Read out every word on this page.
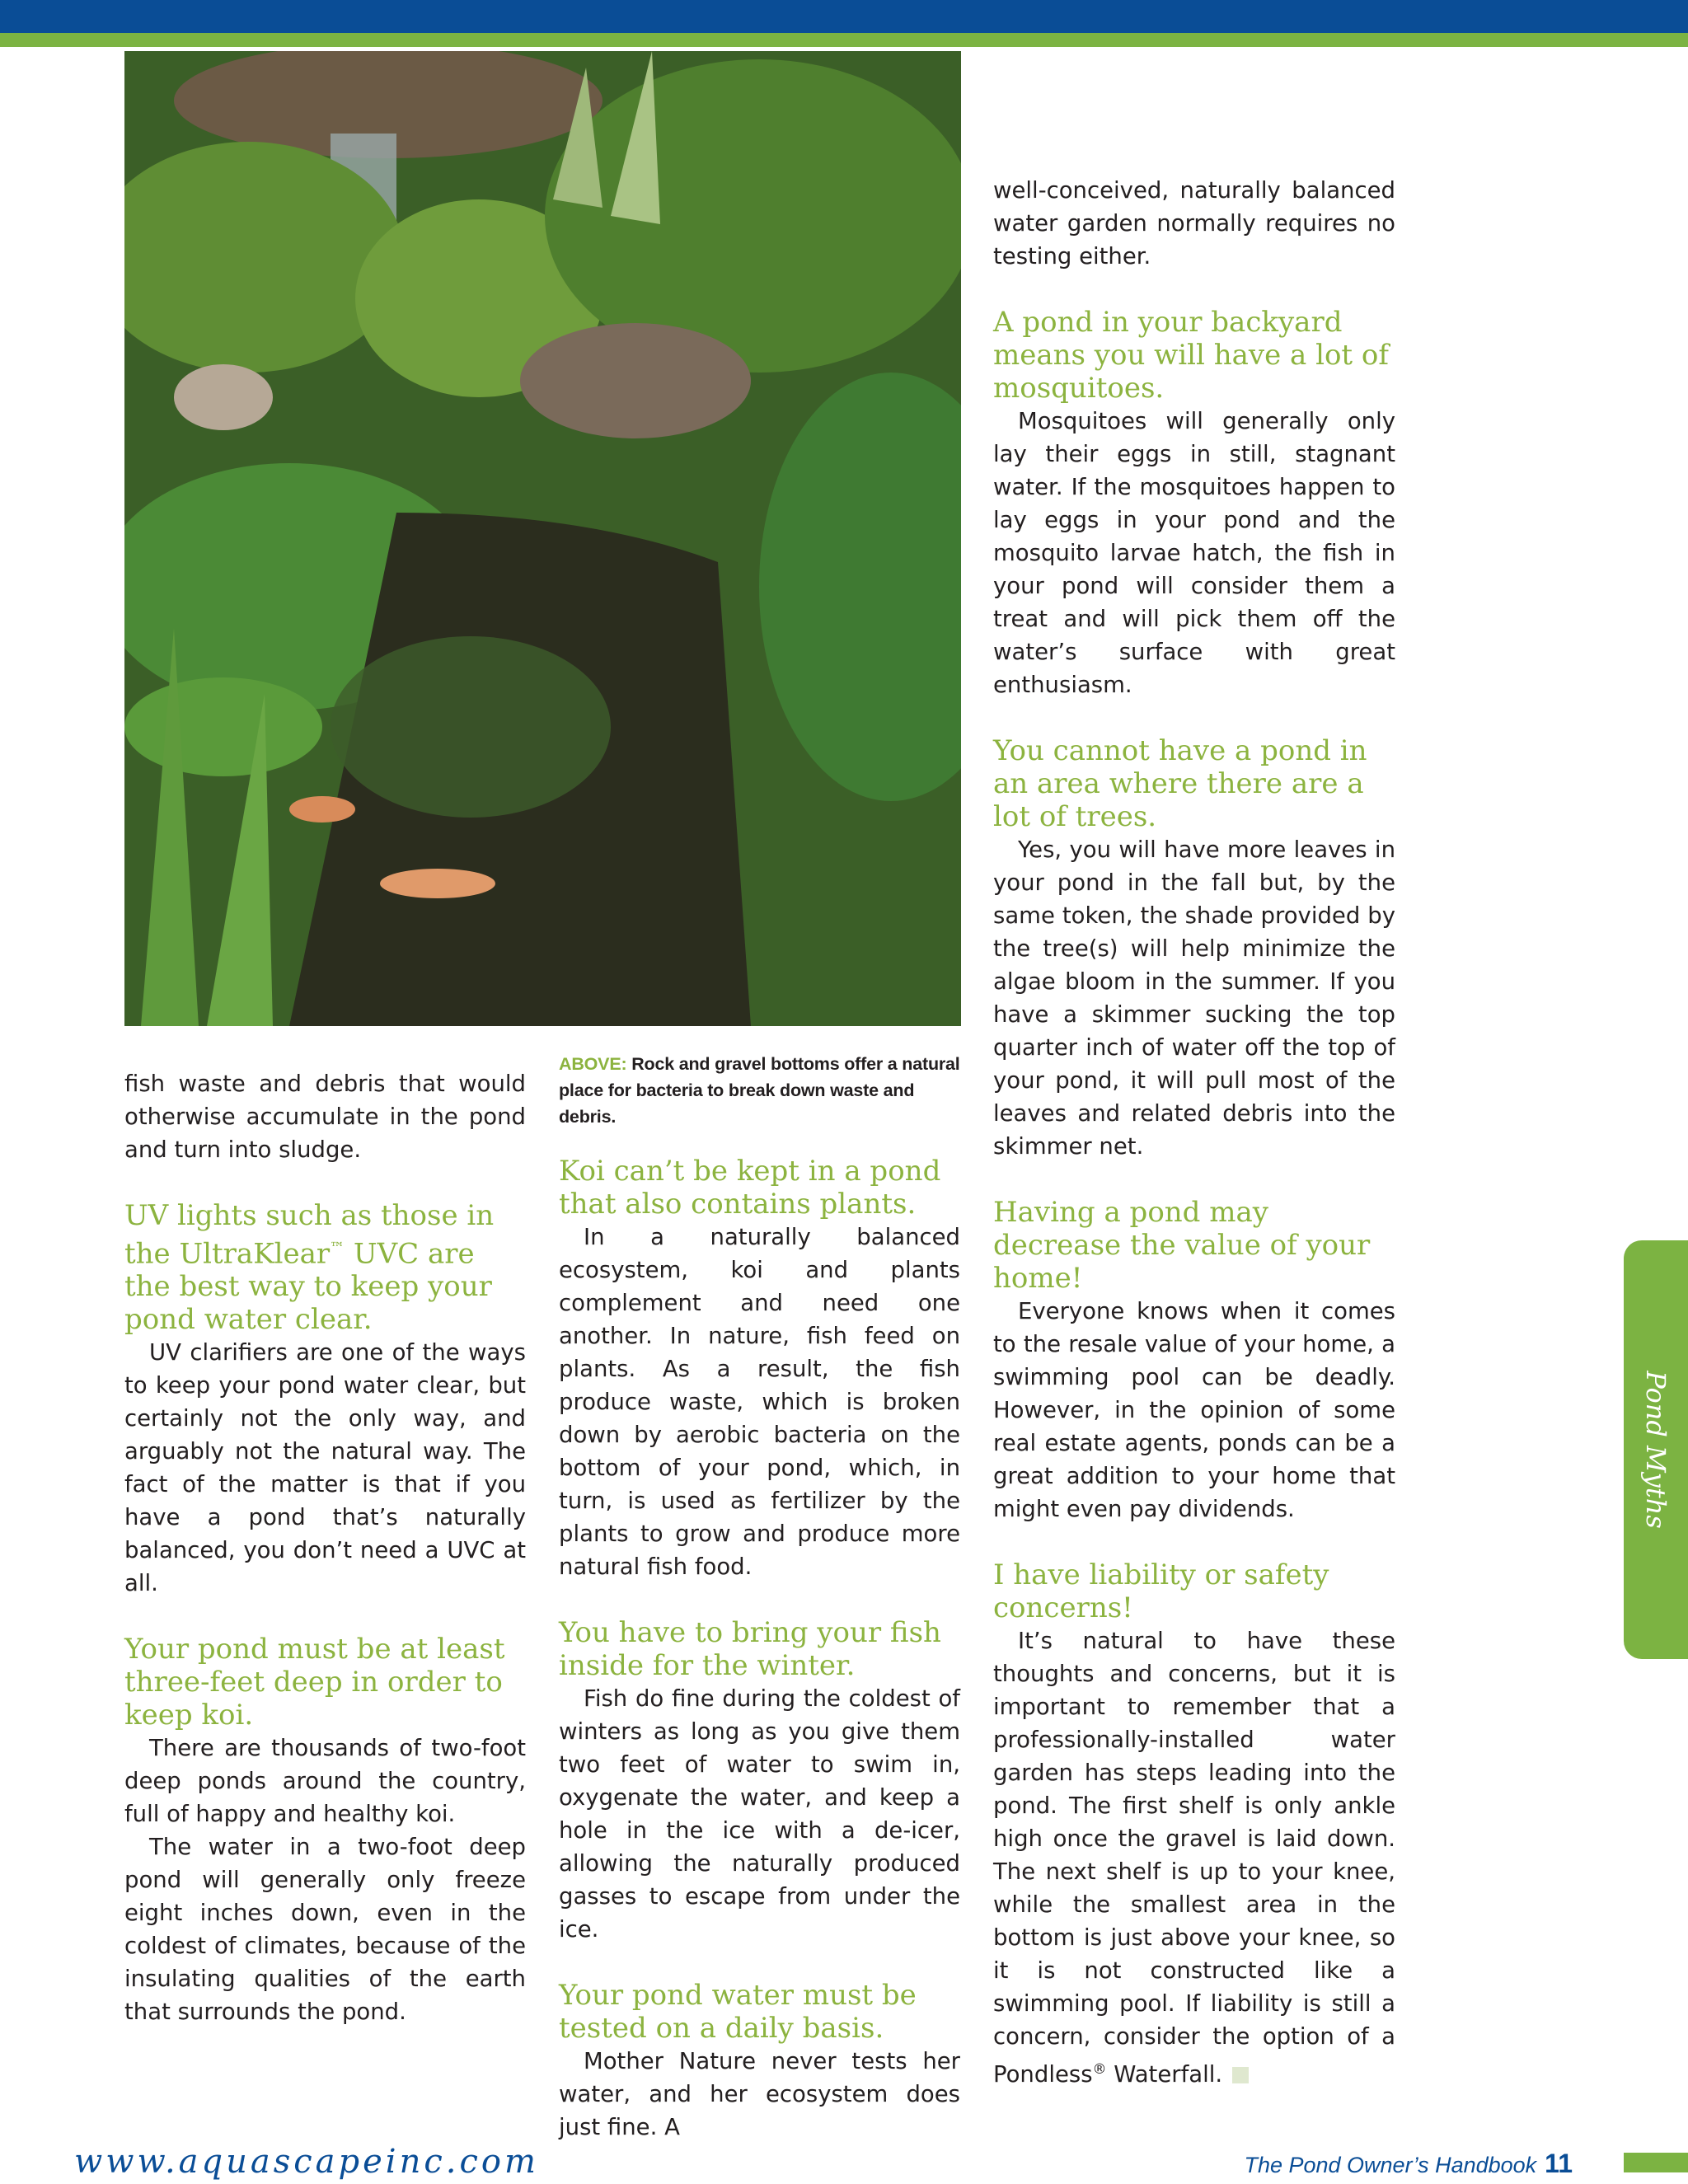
fish waste and debris that would otherwise accumulate in the pond and turn into sludge.

UV lights such as those in the UltraKlear™ UVC are the best way to keep your pond water clear.

UV clarifiers are one of the ways to keep your pond water clear, but certainly not the only way, and arguably not the natural way. The fact of the matter is that if you have a pond that’s naturally balanced, you don’t need a UVC at all.

Your pond must be at least three-feet deep in order to keep koi.

There are thousands of two-foot deep ponds around the country, full of happy and healthy koi.

The water in a two-foot deep pond will generally only freeze eight inches down, even in the coldest of climates, because of the insulating qualities of the earth that surrounds the pond.

ABOVE: Rock and gravel bottoms offer a natural place for bacteria to break down waste and debris.
Koi can’t be kept in a pond that also contains plants.

In a naturally balanced ecosystem, koi and plants complement and need one another. In nature, fish feed on plants. As a result, the fish produce waste, which is broken down by aerobic bacteria on the bottom of your pond, which, in turn, is used as fertilizer by the plants to grow and produce more natural fish food.

You have to bring your fish inside for the winter.

Fish do fine during the coldest of winters as long as you give them two feet of water to swim in, oxygenate the water, and keep a hole in the ice with a de-icer, allowing the naturally produced gasses to escape from under the ice.

Your pond water must be tested on a daily basis.

Mother Nature never tests her water, and her ecosystem does just fine. A

well-conceived, naturally balanced water garden normally requires no testing either.

A pond in your backyard means you will have a lot of mosquitoes.

Mosquitoes will generally only lay their eggs in still, stagnant water. If the mosquitoes happen to lay eggs in your pond and the mosquito larvae hatch, the fish in your pond will consider them a treat and will pick them off the water’s surface with great enthusiasm.

You cannot have a pond in an area where there are a lot of trees.

Yes, you will have more leaves in your pond in the fall but, by the same token, the shade provided by the tree(s) will help minimize the algae bloom in the summer. If you have a skimmer sucking the top quarter inch of water off the top of your pond, it will pull most of the leaves and related debris into the skimmer net.

Having a pond may decrease the value of your home!

Everyone knows when it comes to the resale value of your home, a swimming pool can be deadly. However, in the opinion of some real estate agents, ponds can be a great addition to your home that might even pay dividends.

I have liability or safety concerns!

It’s natural to have these thoughts and concerns, but it is important to remember that a professionally-installed water garden has steps leading into the pond. The first shelf is only ankle high once the gravel is laid down. The next shelf is up to your knee, while the smallest area in the bottom is just above your knee, so it is not constructed like a swimming pool. If liability is still a concern, consider the option of a Pondless® Waterfall.

Pond Myths
www.aquascapeinc.com	The Pond Owner’s Handbook 11
